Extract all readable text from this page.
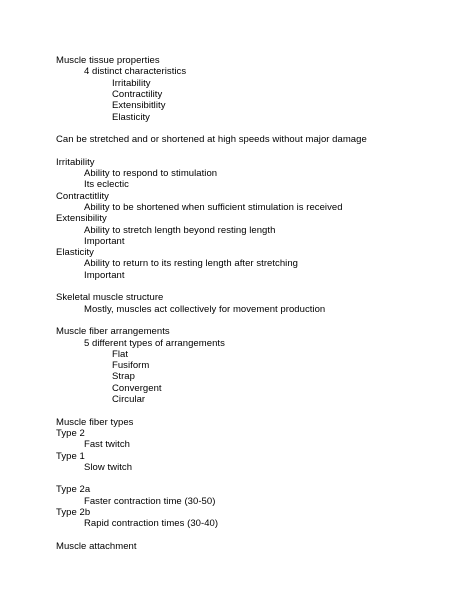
Muscle tissue properties
4 distinct characteristics
Irritability
Contractility
Extensibitlity
Elasticity
Can be stretched and or shortened at high speeds without major damage
Irritability
Ability to respond to stimulation
Its eclectic
Contractitlity
Ability to be shortened when sufficient stimulation is received
Extensibility
Ability to stretch length beyond resting length
Important
Elasticity
Ability to return to its resting length after stretching
Important
Skeletal muscle structure
Mostly, muscles act collectively for movement production
Muscle fiber arrangements
5 different types of arrangements
Flat
Fusiform
Strap
Convergent
Circular
Muscle fiber types
Type 2
Fast twitch
Type 1
Slow twitch
Type 2a
Faster contraction time (30-50)
Type 2b
Rapid contraction times (30-40)
Muscle attachment
